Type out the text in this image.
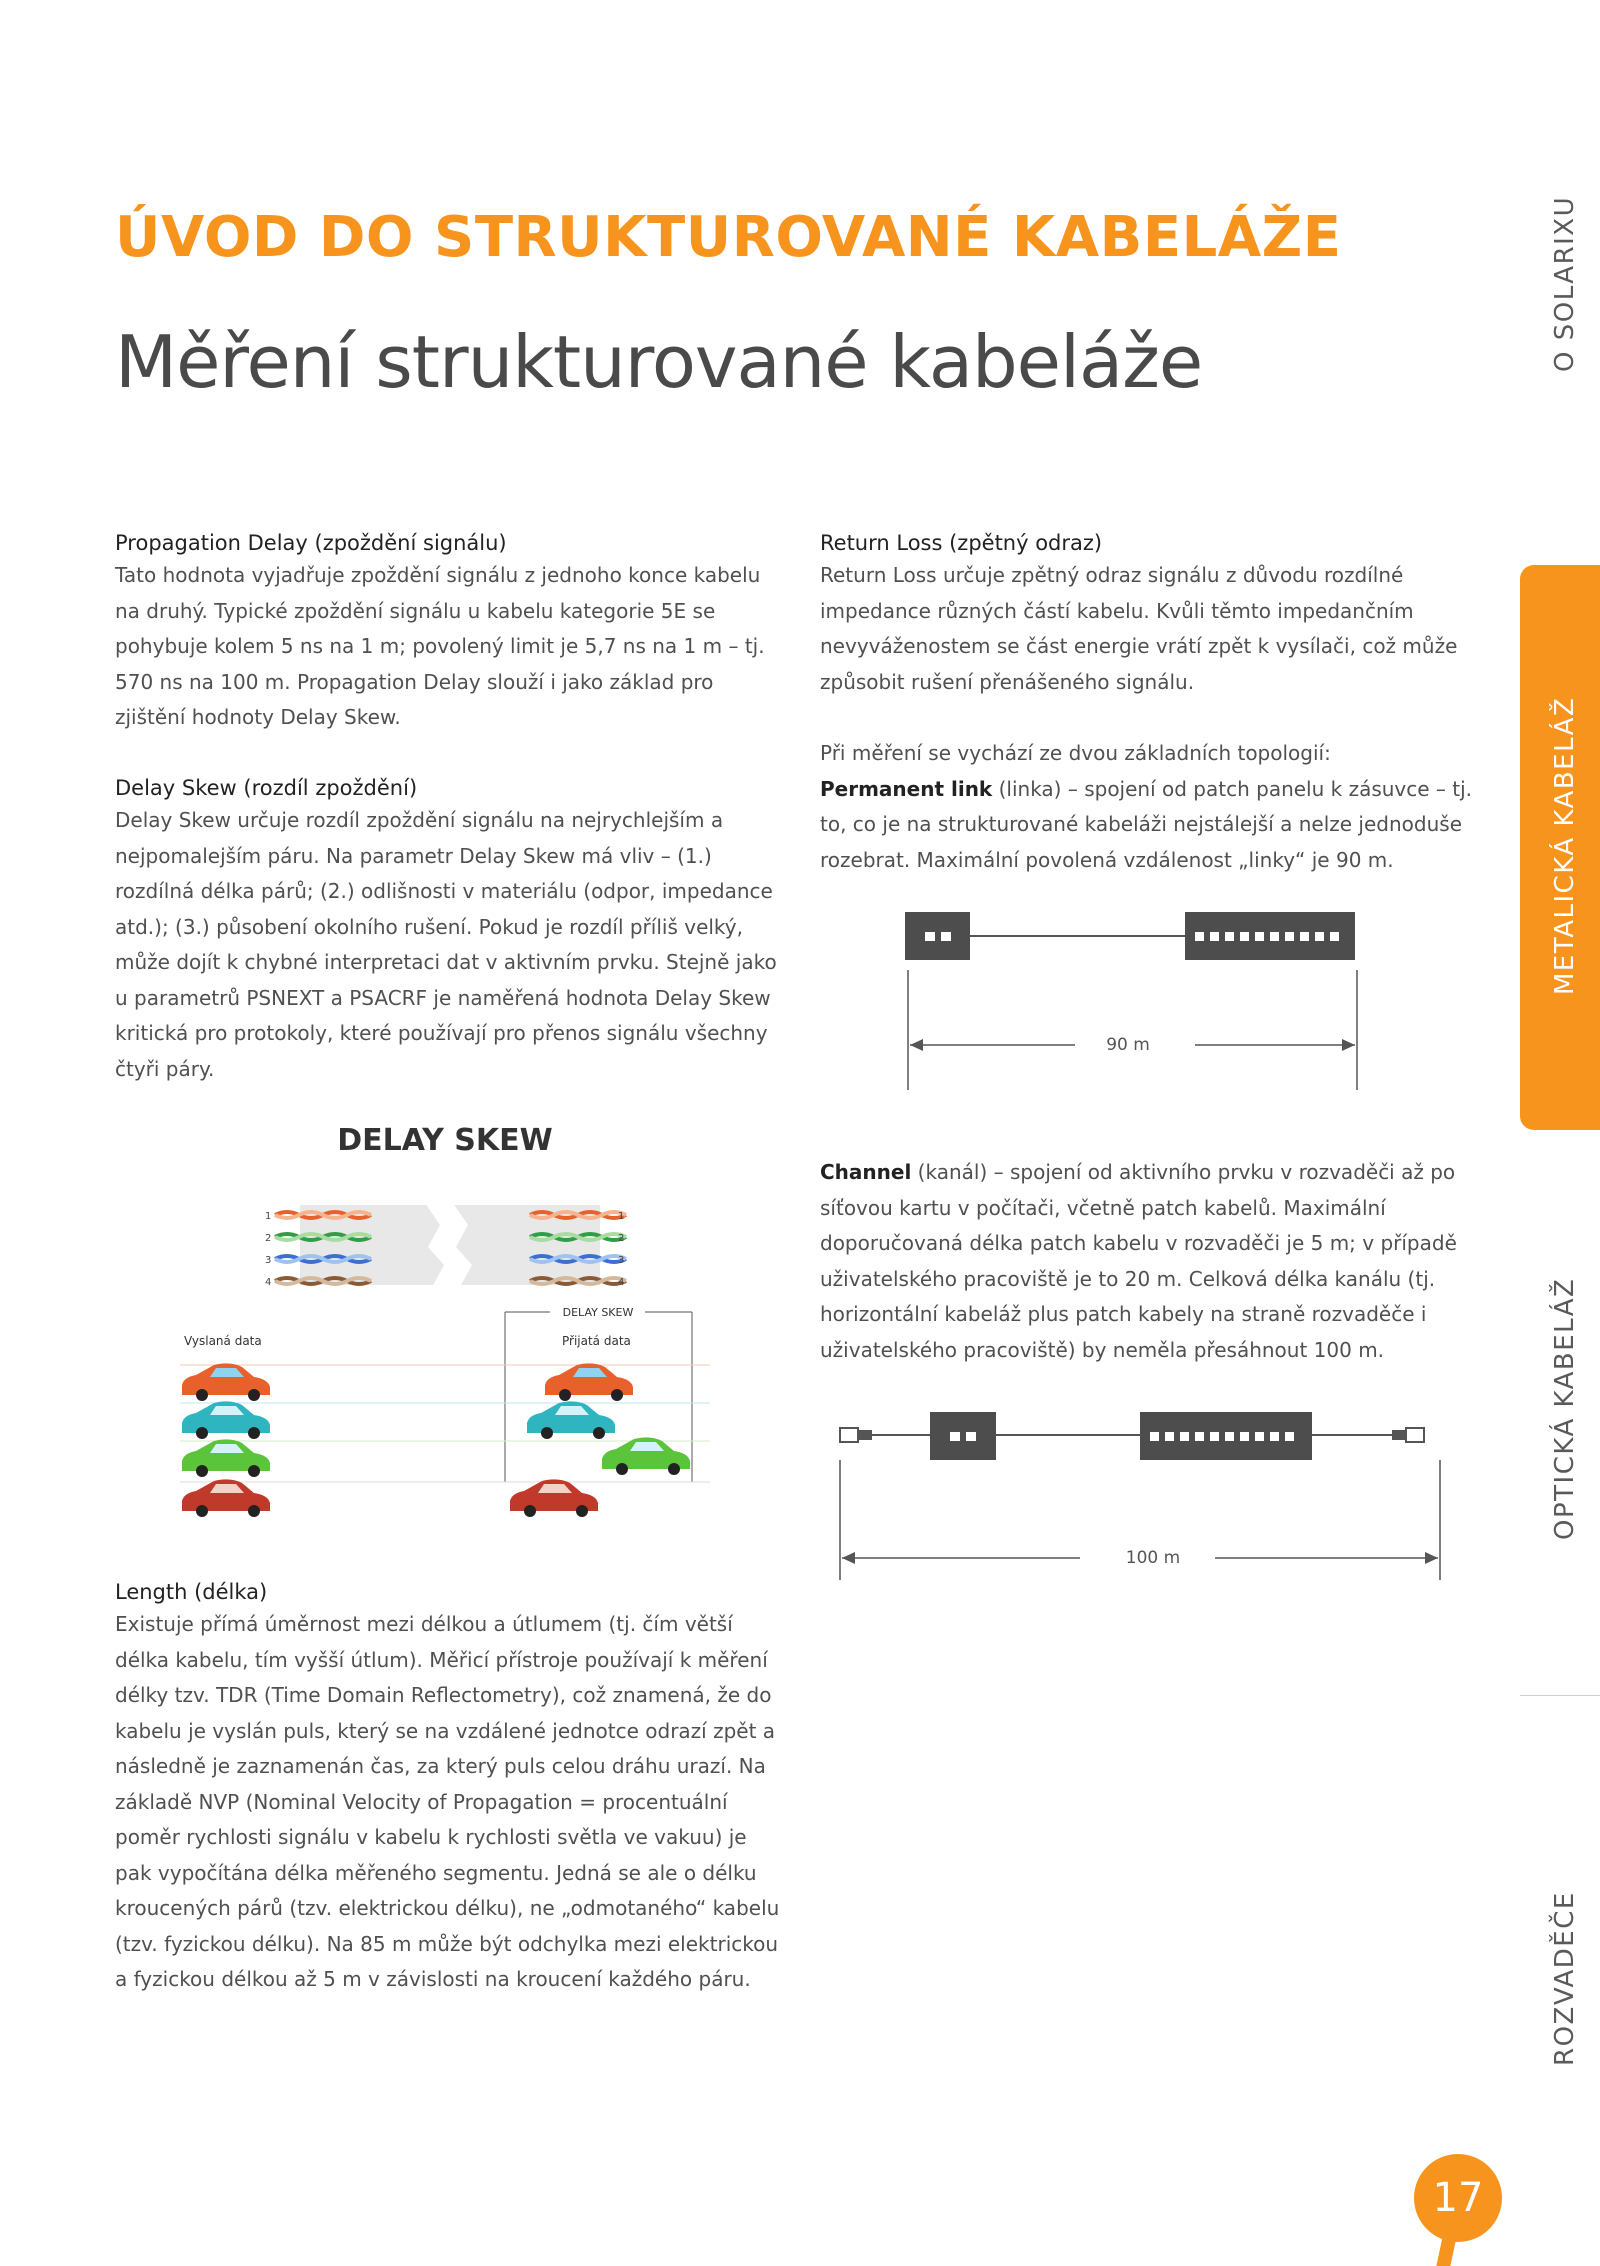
ÚVOD DO STRUKTUROVANÉ KABELÁŽE
Měření strukturované kabeláže

Propagation Delay (zpoždění signálu)

Tato hodnota vyjadřuje zpoždění signálu z jednoho konce kabelu na druhý. Typické zpoždění signálu u kabelu kategorie 5E se pohybuje kolem 5 ns na 1 m; povolený limit je 5,7 ns na 1 m – tj. 570 ns na 100 m. Propagation Delay slouží i jako základ pro zjištění hodnoty Delay Skew.

Delay Skew (rozdíl zpoždění)

Delay Skew určuje rozdíl zpoždění signálu na nejrychlejším a nejpomalejším páru. Na parametr Delay Skew má vliv – (1.) rozdílná délka párů; (2.) odlišnosti v materiálu (odpor, impedance atd.); (3.) působení okolního rušení. Pokud je rozdíl příliš velký, může dojít k chybné interpretaci dat v aktivním prvku. Stejně jako u parametrů PSNEXT a PSACRF je naměřená hodnota Delay Skew kritická pro protokoly, které používají pro přenos signálu všechny čtyři páry.

DELAY SKEW
1
2
3
4
1
2
3
4
DELAY SKEW
Vyslaná data	Přijatá data

Length (délka)

Existuje přímá úměrnost mezi délkou a útlumem (tj. čím větší délka kabelu, tím vyšší útlum). Měřicí přístroje používají k měření délky tzv. TDR (Time Domain Reflectometry), což znamená, že do kabelu je vyslán puls, který se na vzdálené jednotce odrazí zpět a následně je zaznamenán čas, za který puls celou dráhu urazí. Na základě NVP (Nominal Velocity of Propagation = procentuální poměr rychlosti signálu v kabelu k rychlosti světla ve vakuu) je pak vypočítána délka měřeného segmentu. Jedná se ale o délku kroucených párů (tzv. elektrickou délku), ne „odmotaného“ kabelu (tzv. fyzickou délku). Na 85 m může být odchylka mezi elektrickou a fyzickou délkou až 5 m v závislosti na kroucení každého páru.

Return Loss (zpětný odraz)

Return Loss určuje zpětný odraz signálu z důvodu rozdílné impedance různých částí kabelu. Kvůli těmto impedančním nevyváženostem se část energie vrátí zpět k vysílači, což může způsobit rušení přenášeného signálu.

Při měření se vychází ze dvou základních topologií:

Permanent link (linka) – spojení od patch panelu k zásuvce – tj. to, co je na strukturované kabeláži nejstálejší a nelze jednoduše rozebrat. Maximální povolená vzdálenost „linky“ je 90 m.

90 m

Channel (kanál) – spojení od aktivního prvku v rozvaděči až po síťovou kartu v počítači, včetně patch kabelů. Maximální doporučovaná délka patch kabelu v rozvaděči je 5 m; v případě uživatelského pracoviště je to 20 m. Celková délka kanálu (tj. horizontální kabeláž plus patch kabely na straně rozvaděče i uživatelského pracoviště) by neměla přesáhnout 100 m.

100 m
O SOLARIXU
METALICKÁ KABELÁŽ
OPTICKÁ KABELÁŽ
ROZVADĚČE
17
